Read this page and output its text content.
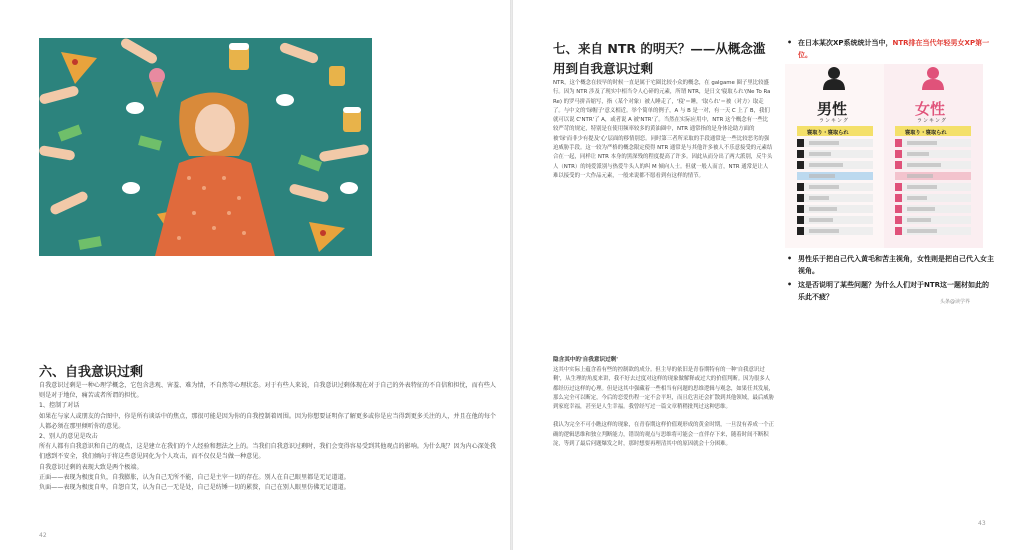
六、自我意识过剩

自我意识过剩是一种心理学概念，它包含悲观、害羞、难为情，不自然等心理状态。对于有些人来说，自我意识过剩体现在对于自己的外表特征的不自信和担忧，而有些人则是对于地位，痛苦或者所谓的担忧。

1、控制了对话

如果在与家人或朋友的合图中，你是所有谈话中的焦点，那很可能是因为你的自我控制着周围。因为你想要证明你了解更多或你是应当得到更多关注的人，并且在他的每个人都必须在那里倾听你的意见。

2、别人的意见是攻击

所有人都有自我意识和自己的观点，这是建立在我们的个人经验和想法之上的。当我们自我意识过剩时，我们会变得容易受到其他观点的影响。为什么呢？因为内心深处我们感到不安全，我们倾向于将这些意见同化为个人攻击，而不仅仅是当做一种意见。

自我意识过剩的表现大致是两个极端。

正面——表现为极度自负，自我膨胀，认为自己无所不能，自己是主宰一切的存在。别人在自己眼里都是无足道道。

负面——表现为极度自卑，自怨自艾，认为自己一无是处，自己是纺锤一切的累赘，自己在别人眼里仿佛无足道道。

42
七、来自 NTR 的明天？——从概念滥用到自我意识过剩

NTR，这个概念在较早的时候一直是属于宅圈比较小众的概念，在 galgame 圈子里比较盛行。因为 NTR 涉及了现实中相当令人心碎的元素，所谓 NTR，是日文'寝取られ'(Ne To Ra Re) 的罗马拼音缩写，指（某个对象）被人睡走了，'寝'＝睡，'取られ'＝被（对方）取走了。与中文的'绿帽子'意义相近。举个简单的例子，A 与 B 是一对，有一天 C 上了 B，我们就可以说 C'NTR'了 A，或者说 A 被'NTR'了。当然在实际应用中，NTR 这个概念有一些比较严苛的规定，特别是在使用频率较多的黄油圈中，NTR 通常指的是身体论助方面的被'绿'而非少有提及'心'层面的移情别恋。同时第三者所采取的手段通常是一些比较恶劣的强迫威胁手段。这一较为严格的概念限定使得 NTR 通常是与其他许多被人不乐意接受的元素结合在一起，同样让 NTR 本身的黑深残的程度提高了许多。因此从而分出了两大派别，反牛头人（NTR）的纯爱派别与热爱牛头人的纠 M 倾向人士。但就一般人而言，NTR 通常是让人难以接受的一大作品元素，一般来说都不愿看到有这样的情节。

隐含其中的'自我意识过剩'

这其中实际上蕴含着有些的控制欲的成分。但主导的依旧是青春期特有的一种'自我意识过剩'，从生理的角度来讲，我不好去过度对这样的现象做解释或过大的价值判断。因为很多人都经历过这样的心理。但是这其中强藏着一些相当有问题的思维逻辑与观念，如果任其发展，那么完全可以断定，今后的恋爱伤程一定不会平坦，而且危害还会扩散到其他领域，最后威胁到家庭幸福，甚至是人生幸福。我曾经写过一篇文章稍稍批判过这种思维。

我认为完全不可小瞧这样的现象，在青春期这样价值观形成的黄金时期，一旦没有养成一个正确的逻辑思维和独立判断能力，错误的观点与思维将可能会一直伴存下来，随着时间不断积淀，等到了最后问题爆发之时，那时想要再理清其中的原因就会十分困难。

• 在日本某次XP系统统计当中，NTR排在当代年轻男女XP第一位。
男性
ランキング
女性
ランキング
寝取り・寝取られ	寝取り・寝取られ
• 男性乐于把自己代入黄毛和苦主视角，女性则是把自己代入女主视角。
• 这是否说明了某些问题？为什么人们对于NTR这一题材如此的乐此不疲？
头条@读学界
43
